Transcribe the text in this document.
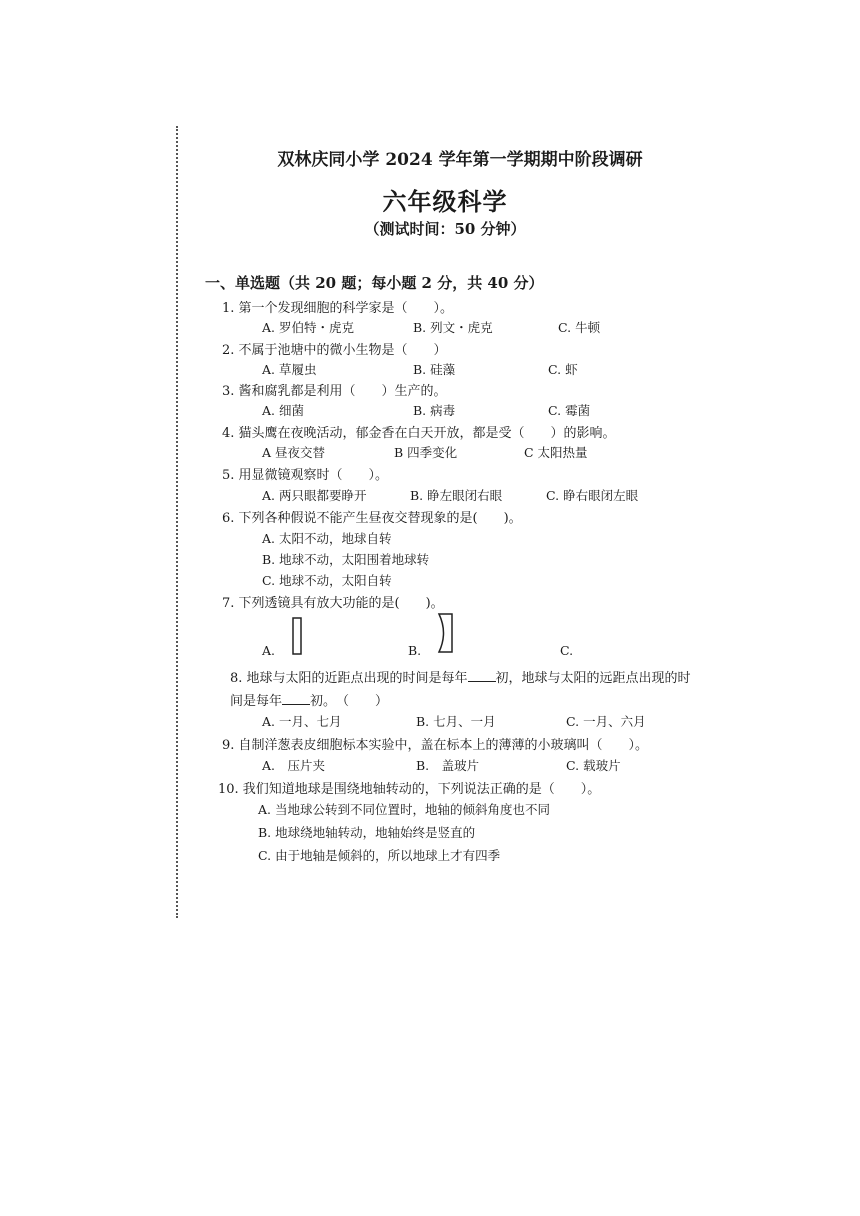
双林庆同小学 2024 学年第一学期期中阶段调研
六年级科学
（测试时间：50 分钟）
一、单选题（共 20 题；每小题 2 分，共 40 分）
1. 第一个发现细胞的科学家是（　　）。
A. 罗伯特・虎克	B. 列文・虎克	C. 牛顿
2. 不属于池塘中的微小生物是（　　）
A. 草履虫	B. 硅藻	C. 虾
3. 酱和腐乳都是利用（　　）生产的。
A. 细菌	B. 病毒	C. 霉菌
4. 猫头鹰在夜晚活动，郁金香在白天开放，都是受（　　）的影响。
A 昼夜交替	B 四季变化	C 太阳热量
5. 用显微镜观察时（　　）。
A. 两只眼都要睁开	B. 睁左眼闭右眼	C. 睁右眼闭左眼
6. 下列各种假说不能产生昼夜交替现象的是(　　)。
A. 太阳不动，地球自转
B. 地球不动，太阳围着地球转
C. 地球不动，太阳自转
7. 下列透镜具有放大功能的是(　　)。
A.	B.	C.
8. 地球与太阳的近距点出现的时间是每年 初，地球与太阳的远距点出现的时
间是每年 初。　（　　）
A. 一月、七月	B. 七月、一月	C. 一月、六月
9. 自制洋葱表皮细胞标本实验中，盖在标本上的薄薄的小玻璃叫（　　）。
A.　压片夹	B.　盖玻片	C. 载玻片
10. 我们知道地球是围绕地轴转动的，下列说法正确的是（　　）。
A. 当地球公转到不同位置时，地轴的倾斜角度也不同
B. 地球绕地轴转动，地轴始终是竖直的
C. 由于地轴是倾斜的，所以地球上才有四季
